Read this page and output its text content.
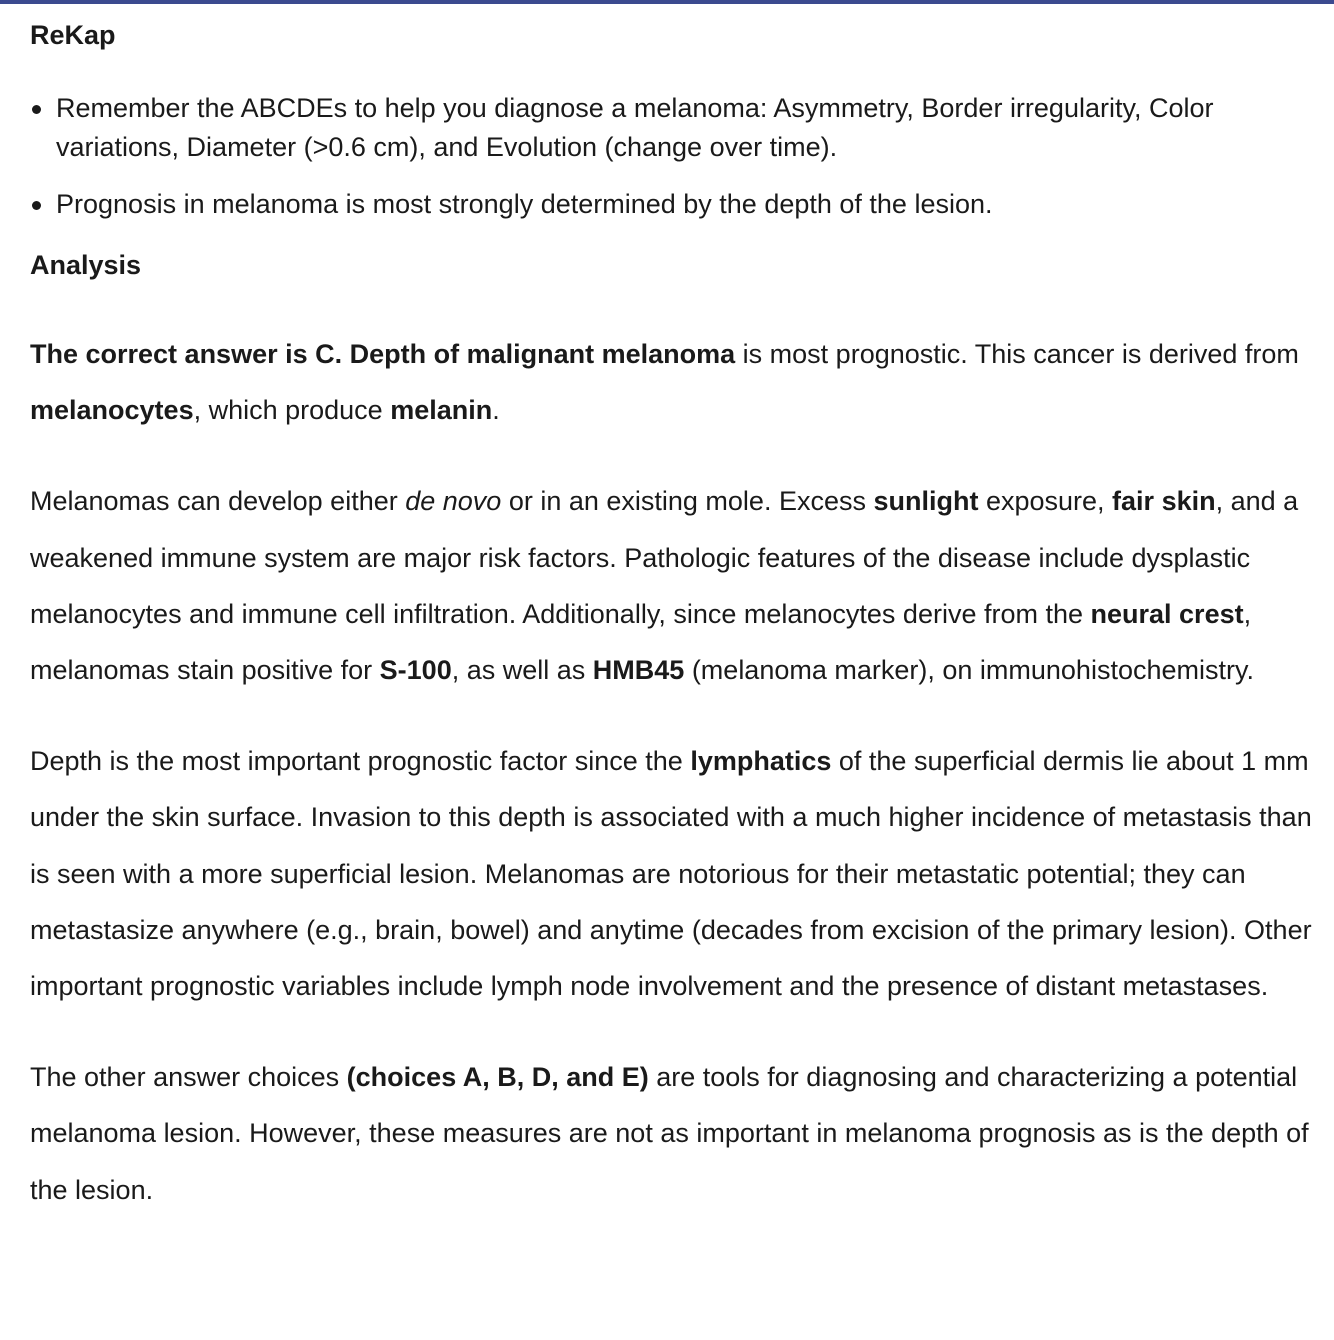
ReKap
Remember the ABCDEs to help you diagnose a melanoma: Asymmetry, Border irregularity, Color variations, Diameter (>0.6 cm), and Evolution (change over time).
Prognosis in melanoma is most strongly determined by the depth of the lesion.
Analysis

The correct answer is C. Depth of malignant melanoma is most prognostic. This cancer is derived from melanocytes, which produce melanin.

Melanomas can develop either de novo or in an existing mole. Excess sunlight exposure, fair skin, and a weakened immune system are major risk factors. Pathologic features of the disease include dysplastic melanocytes and immune cell infiltration. Additionally, since melanocytes derive from the neural crest, melanomas stain positive for S-100, as well as HMB45 (melanoma marker), on immunohistochemistry.

Depth is the most important prognostic factor since the lymphatics of the superficial dermis lie about 1 mm under the skin surface. Invasion to this depth is associated with a much higher incidence of metastasis than is seen with a more superficial lesion. Melanomas are notorious for their metastatic potential; they can metastasize anywhere (e.g., brain, bowel) and anytime (decades from excision of the primary lesion). Other important prognostic variables include lymph node involvement and the presence of distant metastases.

The other answer choices (choices A, B, D, and E) are tools for diagnosing and characterizing a potential melanoma lesion. However, these measures are not as important in melanoma prognosis as is the depth of the lesion.
